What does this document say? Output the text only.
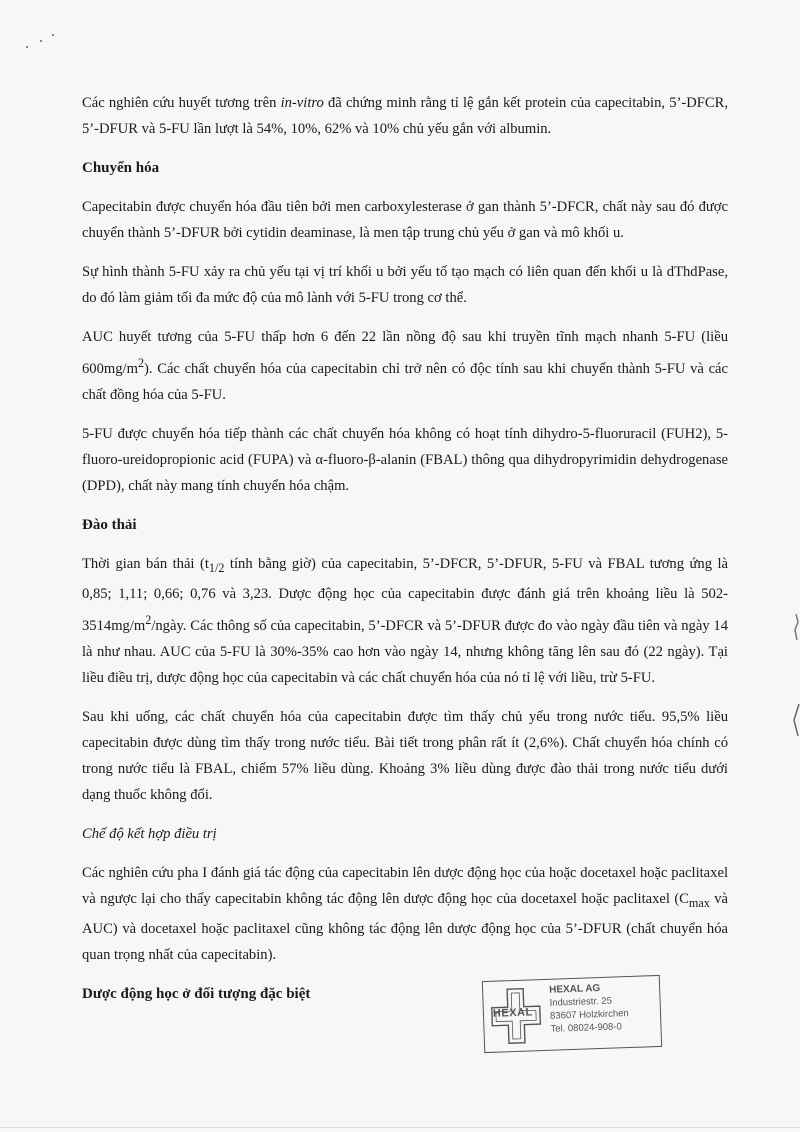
Các nghiên cứu huyết tương trên in-vitro đã chứng minh rằng tỉ lệ gắn kết protein của capecitabin, 5’-DFCR, 5’-DFUR và 5-FU lần lượt là 54%, 10%, 62% và 10% chủ yếu gắn với albumin.

Chuyển hóa

Capecitabin được chuyển hóa đầu tiên bởi men carboxylesterase ở gan thành 5’-DFCR, chất này sau đó được chuyển thành 5’-DFUR bởi cytidin deaminase, là men tập trung chủ yếu ở gan và mô khối u.

Sự hình thành 5-FU xảy ra chủ yếu tại vị trí khối u bởi yếu tố tạo mạch có liên quan đến khối u là dThdPase, do đó làm giảm tối đa mức độ của mô lành với 5-FU trong cơ thể.

AUC huyết tương của 5-FU thấp hơn 6 đến 22 lần nồng độ sau khi truyền tĩnh mạch nhanh 5-FU (liều $600mg/m^2$). Các chất chuyển hóa của capecitabin chỉ trở nên có độc tính sau khi chuyển thành 5-FU và các chất đồng hóa của 5-FU.

5-FU được chuyển hóa tiếp thành các chất chuyển hóa không có hoạt tính dihydro-5-fluoruracil (FUH2), 5-fluoro-ureidopropionic acid (FUPA) và α-fluoro-β-alanin (FBAL) thông qua dihydropyrimidin dehydrogenase (DPD), chất này mang tính chuyển hóa chậm.

Đào thải

Thời gian bán thải ($t_{1/2}$ tính bằng giờ) của capecitabin, 5’-DFCR, 5’-DFUR, 5-FU và FBAL tương ứng là 0,85; 1,11; 0,66; 0,76 và 3,23. Dược động học của capecitabin được đánh giá trên khoảng liều là $502-3514mg/m^2$/ngày. Các thông số của capecitabin, 5’-DFCR và 5’-DFUR được đo vào ngày đầu tiên và ngày 14 là như nhau. AUC của 5-FU là 30%-35% cao hơn vào ngày 14, nhưng không tăng lên sau đó (22 ngày). Tại liều điều trị, dược động học của capecitabin và các chất chuyển hóa của nó tỉ lệ với liều, trừ 5-FU.

Sau khi uống, các chất chuyển hóa của capecitabin được tìm thấy chủ yếu trong nước tiểu. 95,5% liều capecitabin được dùng tìm thấy trong nước tiểu. Bài tiết trong phân rất ít (2,6%). Chất chuyển hóa chính có trong nước tiểu là FBAL, chiếm 57% liều dùng. Khoảng 3% liều dùng được đào thải trong nước tiểu dưới dạng thuốc không đổi.

Chế độ kết hợp điều trị

Các nghiên cứu pha I đánh giá tác động của capecitabin lên dược động học của hoặc docetaxel hoặc paclitaxel và ngược lại cho thấy capecitabin không tác động lên dược động học của docetaxel hoặc paclitaxel ($C_{max}$ và AUC) và docetaxel hoặc paclitaxel cũng không tác động lên dược động học của 5’-DFUR (chất chuyển hóa quan trọng nhất của capecitabin).

Dược động học ở đối tượng đặc biệt
HEXAL
HEXAL AG
Industriestr. 25
83607 Holzkirchen
Tel. 08024-908-0
